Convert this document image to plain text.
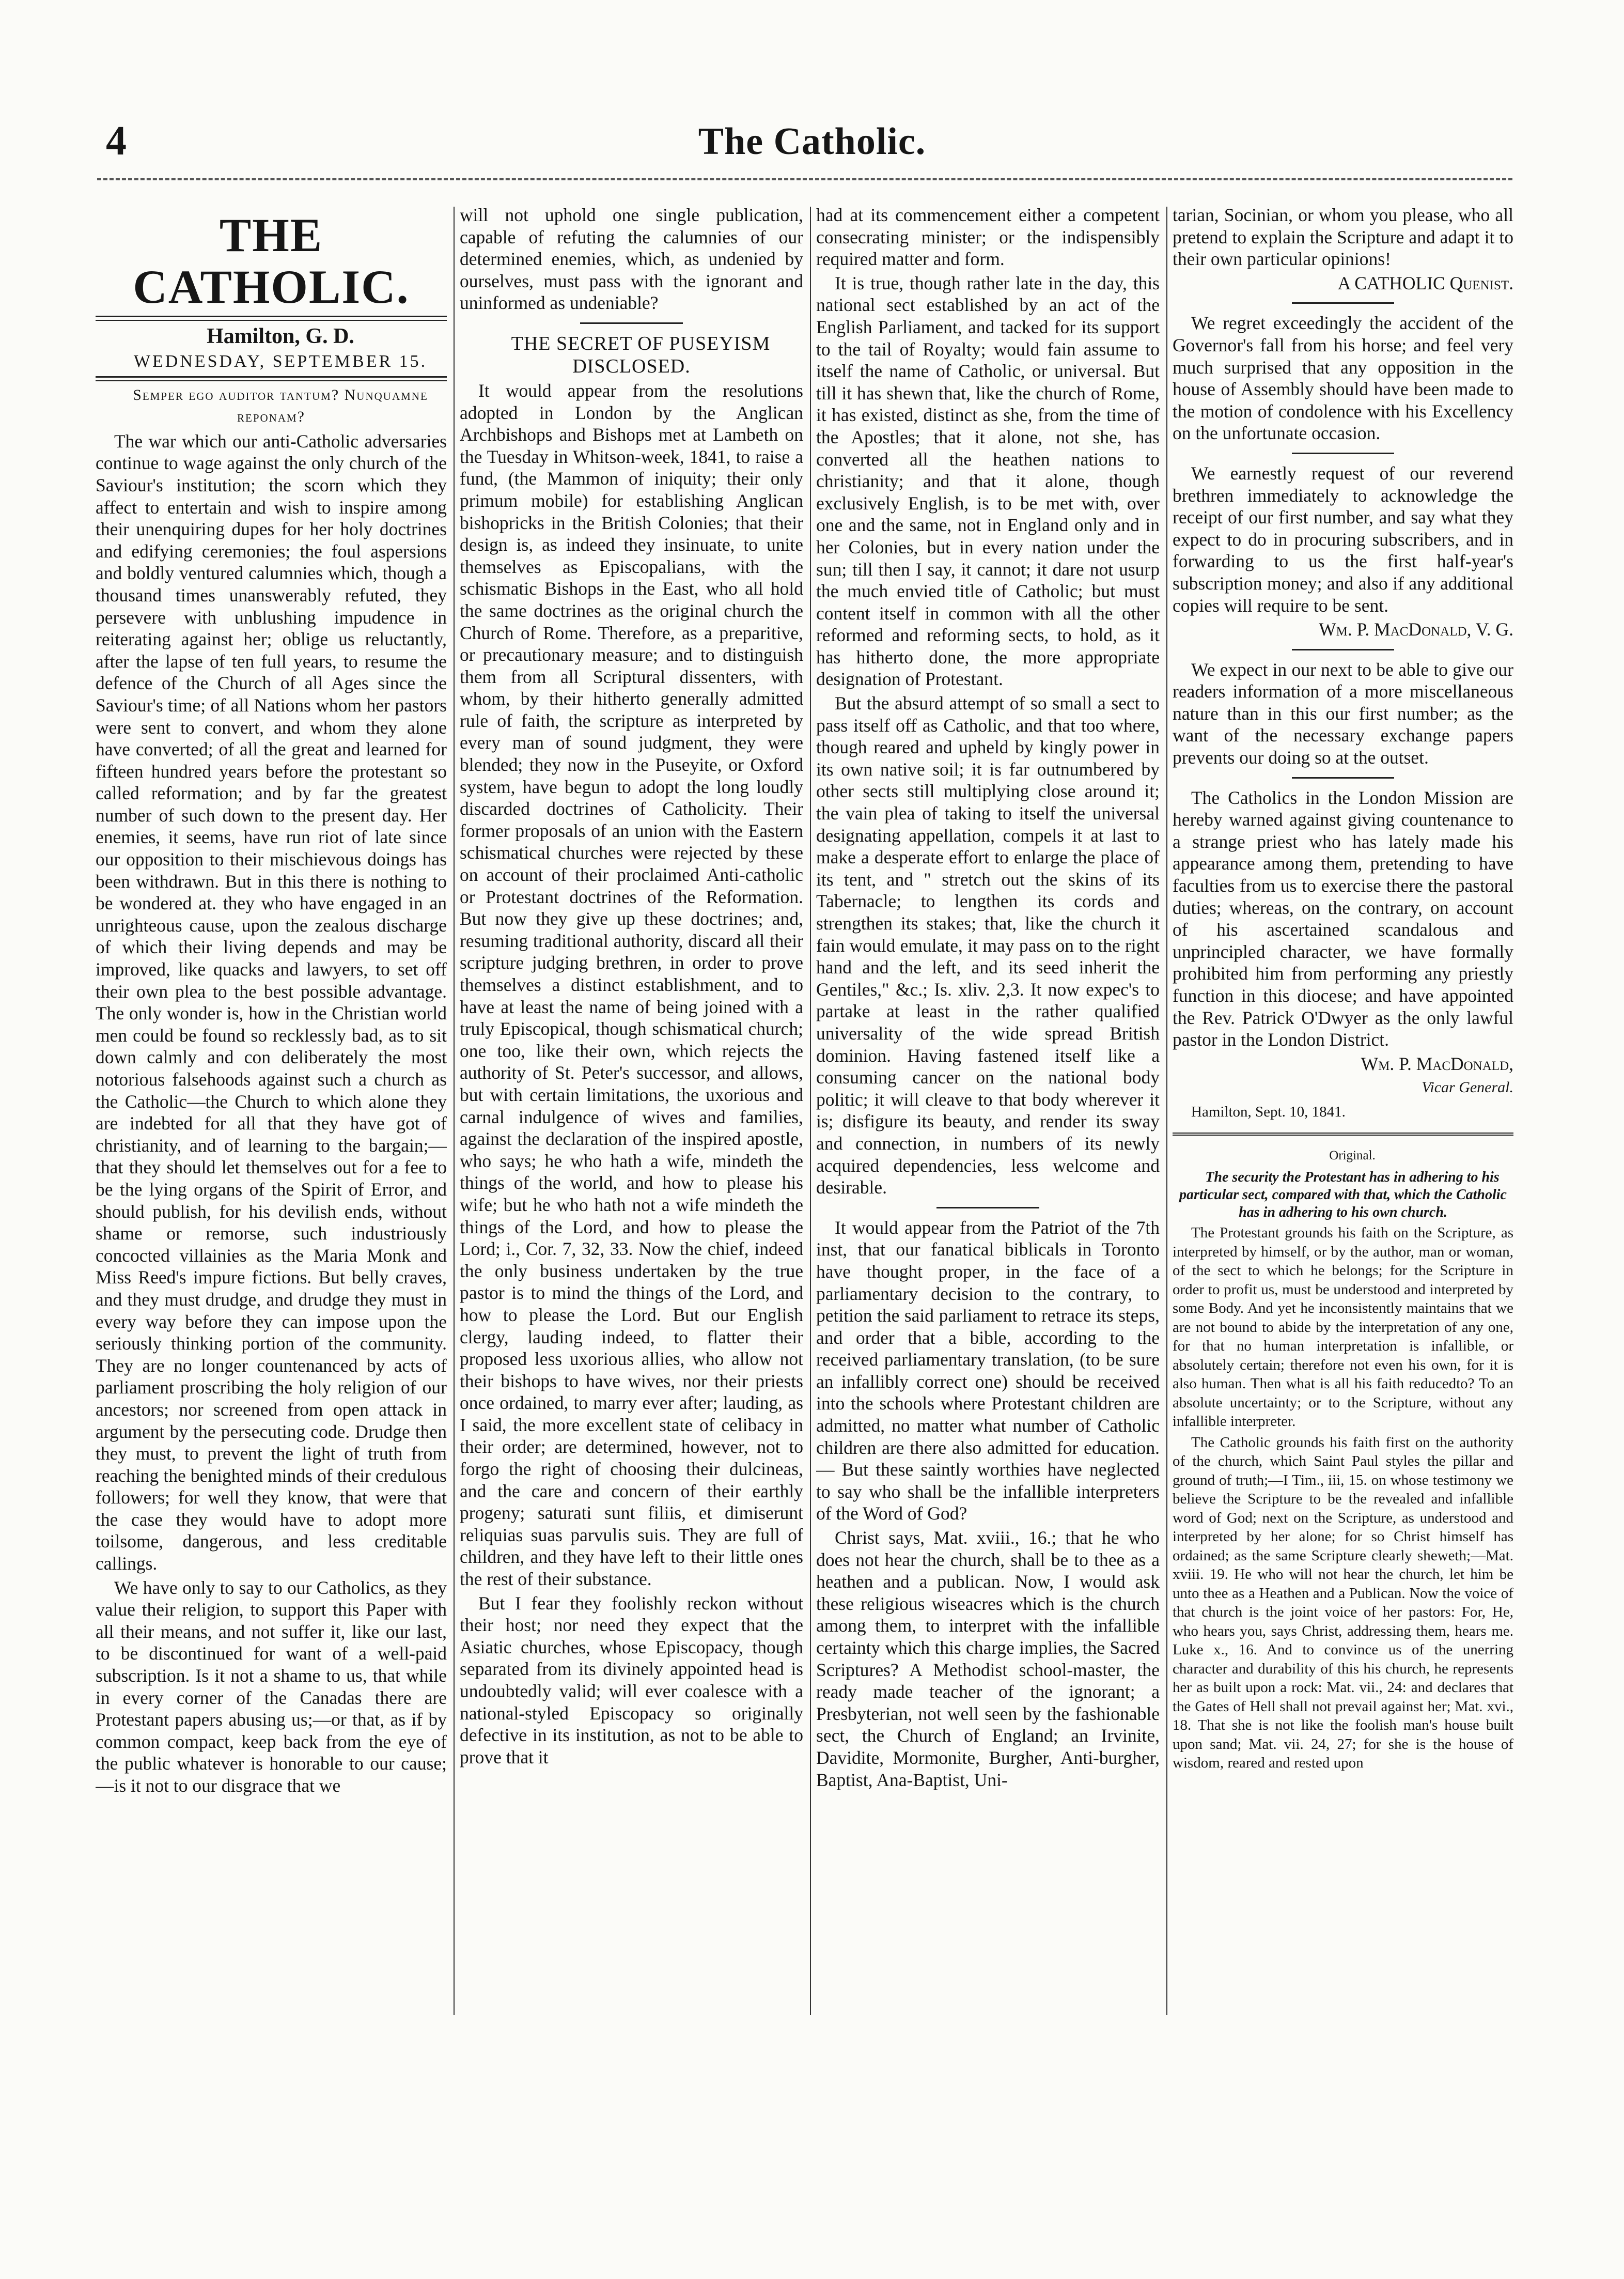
4	The Catholic.
THE CATHOLIC.

Hamilton, G. D.

WEDNESDAY, SEPTEMBER 15.

Semper ego auditor tantum? Nunquamne reponam?

The war which our anti-Catholic adversaries continue to wage against the only church of the Saviour's institution; the scorn which they affect to entertain and wish to inspire among their unenquiring dupes for her holy doctrines and edifying ceremonies; the foul aspersions and boldly ventured calumnies which, though a thousand times unanswerably refuted, they persevere with unblushing impudence in reiterating against her; oblige us reluctantly, after the lapse of ten full years, to resume the defence of the Church of all Ages since the Saviour's time; of all Nations whom her pastors were sent to convert, and whom they alone have converted; of all the great and learned for fifteen hundred years before the protestant so called reformation; and by far the greatest number of such down to the present day. Her enemies, it seems, have run riot of late since our opposition to their mischievous doings has been withdrawn. But in this there is nothing to be wondered at. they who have engaged in an unrighteous cause, upon the zealous discharge of which their living depends and may be improved, like quacks and lawyers, to set off their own plea to the best possible advantage. The only wonder is, how in the Christian world men could be found so recklessly bad, as to sit down calmly and con deliberately the most notorious falsehoods against such a church as the Catholic—the Church to which alone they are indebted for all that they have got of christianity, and of learning to the bargain;—that they should let themselves out for a fee to be the lying organs of the Spirit of Error, and should publish, for his devilish ends, without shame or remorse, such industriously concocted villainies as the Maria Monk and Miss Reed's impure fictions. But belly craves, and they must drudge, and drudge they must in every way before they can impose upon the seriously thinking portion of the community. They are no longer countenanced by acts of parliament proscribing the holy religion of our ancestors; nor screened from open attack in argument by the persecuting code. Drudge then they must, to prevent the light of truth from reaching the benighted minds of their credulous followers; for well they know, that were that the case they would have to adopt more toilsome, dangerous, and less creditable callings.

We have only to say to our Catholics, as they value their religion, to support this Paper with all their means, and not suffer it, like our last, to be discontinued for want of a well-paid subscription. Is it not a shame to us, that while in every corner of the Canadas there are Protestant papers abusing us;—or that, as if by common compact, keep back from the eye of the public whatever is honorable to our cause;—is it not to our disgrace that we

will not uphold one single publication, capable of refuting the calumnies of our determined enemies, which, as undenied by ourselves, must pass with the ignorant and uninformed as undeniable?

THE SECRET OF PUSEYISM DISCLOSED.

It would appear from the resolutions adopted in London by the Anglican Archbishops and Bishops met at Lambeth on the Tuesday in Whitson-week, 1841, to raise a fund, (the Mammon of iniquity; their only primum mobile) for establishing Anglican bishopricks in the British Colonies; that their design is, as indeed they insinuate, to unite themselves as Episcopalians, with the schismatic Bishops in the East, who all hold the same doctrines as the original church the Church of Rome. Therefore, as a preparitive, or precautionary measure; and to distinguish them from all Scriptural dissenters, with whom, by their hitherto generally admitted rule of faith, the scripture as interpreted by every man of sound judgment, they were blended; they now in the Puseyite, or Oxford system, have begun to adopt the long loudly discarded doctrines of Catholicity. Their former proposals of an union with the Eastern schismatical churches were rejected by these on account of their proclaimed Anti-catholic or Protestant doctrines of the Reformation. But now they give up these doctrines; and, resuming traditional authority, discard all their scripture judging brethren, in order to prove themselves a distinct establishment, and to have at least the name of being joined with a truly Episcopical, though schismatical church; one too, like their own, which rejects the authority of St. Peter's successor, and allows, but with certain limitations, the uxorious and carnal indulgence of wives and families, against the declaration of the inspired apostle, who says; he who hath a wife, mindeth the things of the world, and how to please his wife; but he who hath not a wife mindeth the things of the Lord, and how to please the Lord; i., Cor. 7, 32, 33. Now the chief, indeed the only business undertaken by the true pastor is to mind the things of the Lord, and how to please the Lord. But our English clergy, lauding indeed, to flatter their proposed less uxorious allies, who allow not their bishops to have wives, nor their priests once ordained, to marry ever after; lauding, as I said, the more excellent state of celibacy in their order; are determined, however, not to forgo the right of choosing their dulcineas, and the care and concern of their earthly progeny; saturati sunt filiis, et dimiserunt reliquias suas parvulis suis. They are full of children, and they have left to their little ones the rest of their substance.

But I fear they foolishly reckon without their host; nor need they expect that the Asiatic churches, whose Episcopacy, though separated from its divinely appointed head is undoubtedly valid; will ever coalesce with a national-styled Episcopacy so originally defective in its institution, as not to be able to prove that it

had at its commencement either a competent consecrating minister; or the indispensibly required matter and form.

It is true, though rather late in the day, this national sect established by an act of the English Parliament, and tacked for its support to the tail of Royalty; would fain assume to itself the name of Catholic, or universal. But till it has shewn that, like the church of Rome, it has existed, distinct as she, from the time of the Apostles; that it alone, not she, has converted all the heathen nations to christianity; and that it alone, though exclusively English, is to be met with, over one and the same, not in England only and in her Colonies, but in every nation under the sun; till then I say, it cannot; it dare not usurp the much envied title of Catholic; but must content itself in common with all the other reformed and reforming sects, to hold, as it has hitherto done, the more appropriate designation of Protestant.

But the absurd attempt of so small a sect to pass itself off as Catholic, and that too where, though reared and upheld by kingly power in its own native soil; it is far outnumbered by other sects still multiplying close around it; the vain plea of taking to itself the universal designating appellation, compels it at last to make a desperate effort to enlarge the place of its tent, and " stretch out the skins of its Tabernacle; to lengthen its cords and strengthen its stakes; that, like the church it fain would emulate, it may pass on to the right hand and the left, and its seed inherit the Gentiles," &c.; Is. xliv. 2,3. It now expec's to partake at least in the rather qualified universality of the wide spread British dominion. Having fastened itself like a consuming cancer on the national body politic; it will cleave to that body wherever it is; disfigure its beauty, and render its sway and connection, in numbers of its newly acquired dependencies, less welcome and desirable.

It would appear from the Patriot of the 7th inst, that our fanatical biblicals in Toronto have thought proper, in the face of a parliamentary decision to the contrary, to petition the said parliament to retrace its steps, and order that a bible, according to the received parliamentary translation, (to be sure an infallibly correct one) should be received into the schools where Protestant children are admitted, no matter what number of Catholic children are there also admitted for education.— But these saintly worthies have neglected to say who shall be the infallible interpreters of the Word of God?

Christ says, Mat. xviii., 16.; that he who does not hear the church, shall be to thee as a heathen and a publican. Now, I would ask these religious wiseacres which is the church among them, to interpret with the infallible certainty which this charge implies, the Sacred Scriptures? A Methodist school-master, the ready made teacher of the ignorant; a Presbyterian, not well seen by the fashionable sect, the Church of England; an Irvinite, Davidite, Mormonite, Burgher, Anti-burgher, Baptist, Ana-Baptist, Uni-

tarian, Socinian, or whom you please, who all pretend to explain the Scripture and adapt it to their own particular opinions!

A CATHOLIC Quenist.

We regret exceedingly the accident of the Governor's fall from his horse; and feel very much surprised that any opposition in the house of Assembly should have been made to the motion of condolence with his Excellency on the unfortunate occasion.

We earnestly request of our reverend brethren immediately to acknowledge the receipt of our first number, and say what they expect to do in procuring subscribers, and in forwarding to us the first half-year's subscription money; and also if any additional copies will require to be sent.

Wm. P. MacDonald, V. G.

We expect in our next to be able to give our readers information of a more miscellaneous nature than in this our first number; as the want of the necessary exchange papers prevents our doing so at the outset.

The Catholics in the London Mission are hereby warned against giving countenance to a strange priest who has lately made his appearance among them, pretending to have faculties from us to exercise there the pastoral duties; whereas, on the contrary, on account of his ascertained scandalous and unprincipled character, we have formally prohibited him from performing any priestly function in this diocese; and have appointed the Rev. Patrick O'Dwyer as the only lawful pastor in the London District.

Wm. P. MacDonald,

Vicar General.

Hamilton, Sept. 10, 1841.

Original.

The security the Protestant has in adhering to his particular sect, compared with that, which the Catholic has in adhering to his own church.

The Protestant grounds his faith on the Scripture, as interpreted by himself, or by the author, man or woman, of the sect to which he belongs; for the Scripture in order to profit us, must be understood and interpreted by some Body. And yet he inconsistently maintains that we are not bound to abide by the interpretation of any one, for that no human interpretation is infallible, or absolutely certain; therefore not even his own, for it is also human. Then what is all his faith reducedto? To an absolute uncertainty; or to the Scripture, without any infallible interpreter.

The Catholic grounds his faith first on the authority of the church, which Saint Paul styles the pillar and ground of truth;—I Tim., iii, 15. on whose testimony we believe the Scripture to be the revealed and infallible word of God; next on the Scripture, as understood and interpreted by her alone; for so Christ himself has ordained; as the same Scripture clearly sheweth;—Mat. xviii. 19. He who will not hear the church, let him be unto thee as a Heathen and a Publican. Now the voice of that church is the joint voice of her pastors: For, He, who hears you, says Christ, addressing them, hears me. Luke x., 16. And to convince us of the unerring character and durability of this his church, he represents her as built upon a rock: Mat. vii., 24: and declares that the Gates of Hell shall not prevail against her; Mat. xvi., 18. That she is not like the foolish man's house built upon sand; Mat. vii. 24, 27; for she is the house of wisdom, reared and rested upon
